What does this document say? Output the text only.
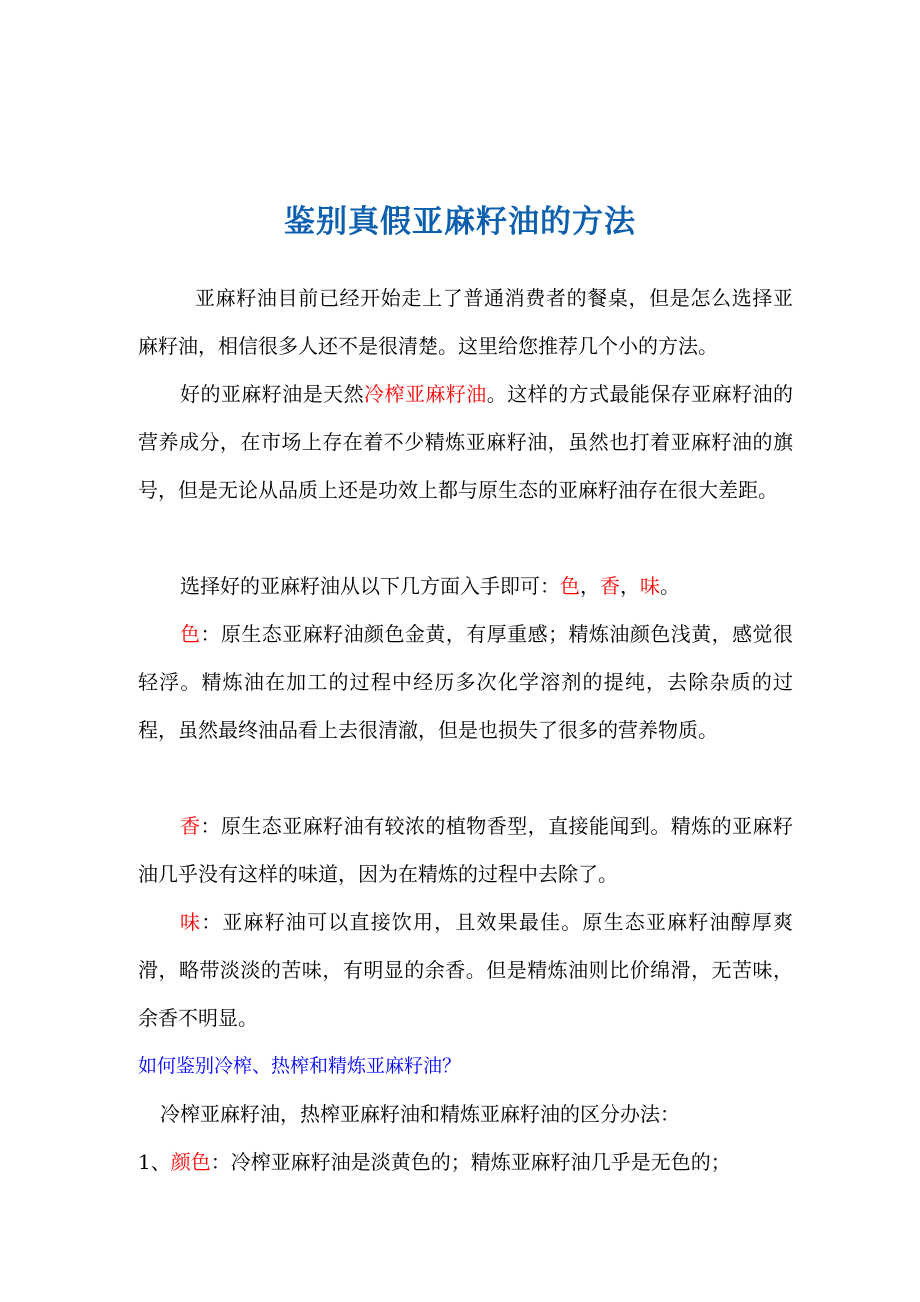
鉴别真假亚麻籽油的方法

亚麻籽油目前已经开始走上了普通消费者的餐桌，但是怎么选择亚麻籽油，相信很多人还不是很清楚。这里给您推荐几个小的方法。

好的亚麻籽油是天然冷榨亚麻籽油。这样的方式最能保存亚麻籽油的营养成分，在市场上存在着不少精炼亚麻籽油，虽然也打着亚麻籽油的旗号，但是无论从品质上还是功效上都与原生态的亚麻籽油存在很大差距。

选择好的亚麻籽油从以下几方面入手即可：色，香，味。

色：原生态亚麻籽油颜色金黄，有厚重感；精炼油颜色浅黄，感觉很轻浮。精炼油在加工的过程中经历多次化学溶剂的提纯，去除杂质的过程，虽然最终油品看上去很清澈，但是也损失了很多的营养物质。

香：原生态亚麻籽油有较浓的植物香型，直接能闻到。精炼的亚麻籽油几乎没有这样的味道，因为在精炼的过程中去除了。

味：亚麻籽油可以直接饮用，且效果最佳。原生态亚麻籽油醇厚爽滑，略带淡淡的苦味，有明显的余香。但是精炼油则比价绵滑，无苦味，余香不明显。

如何鉴别冷榨、热榨和精炼亚麻籽油？

冷榨亚麻籽油，热榨亚麻籽油和精炼亚麻籽油的区分办法：

1、颜色：冷榨亚麻籽油是淡黄色的；精炼亚麻籽油几乎是无色的；
